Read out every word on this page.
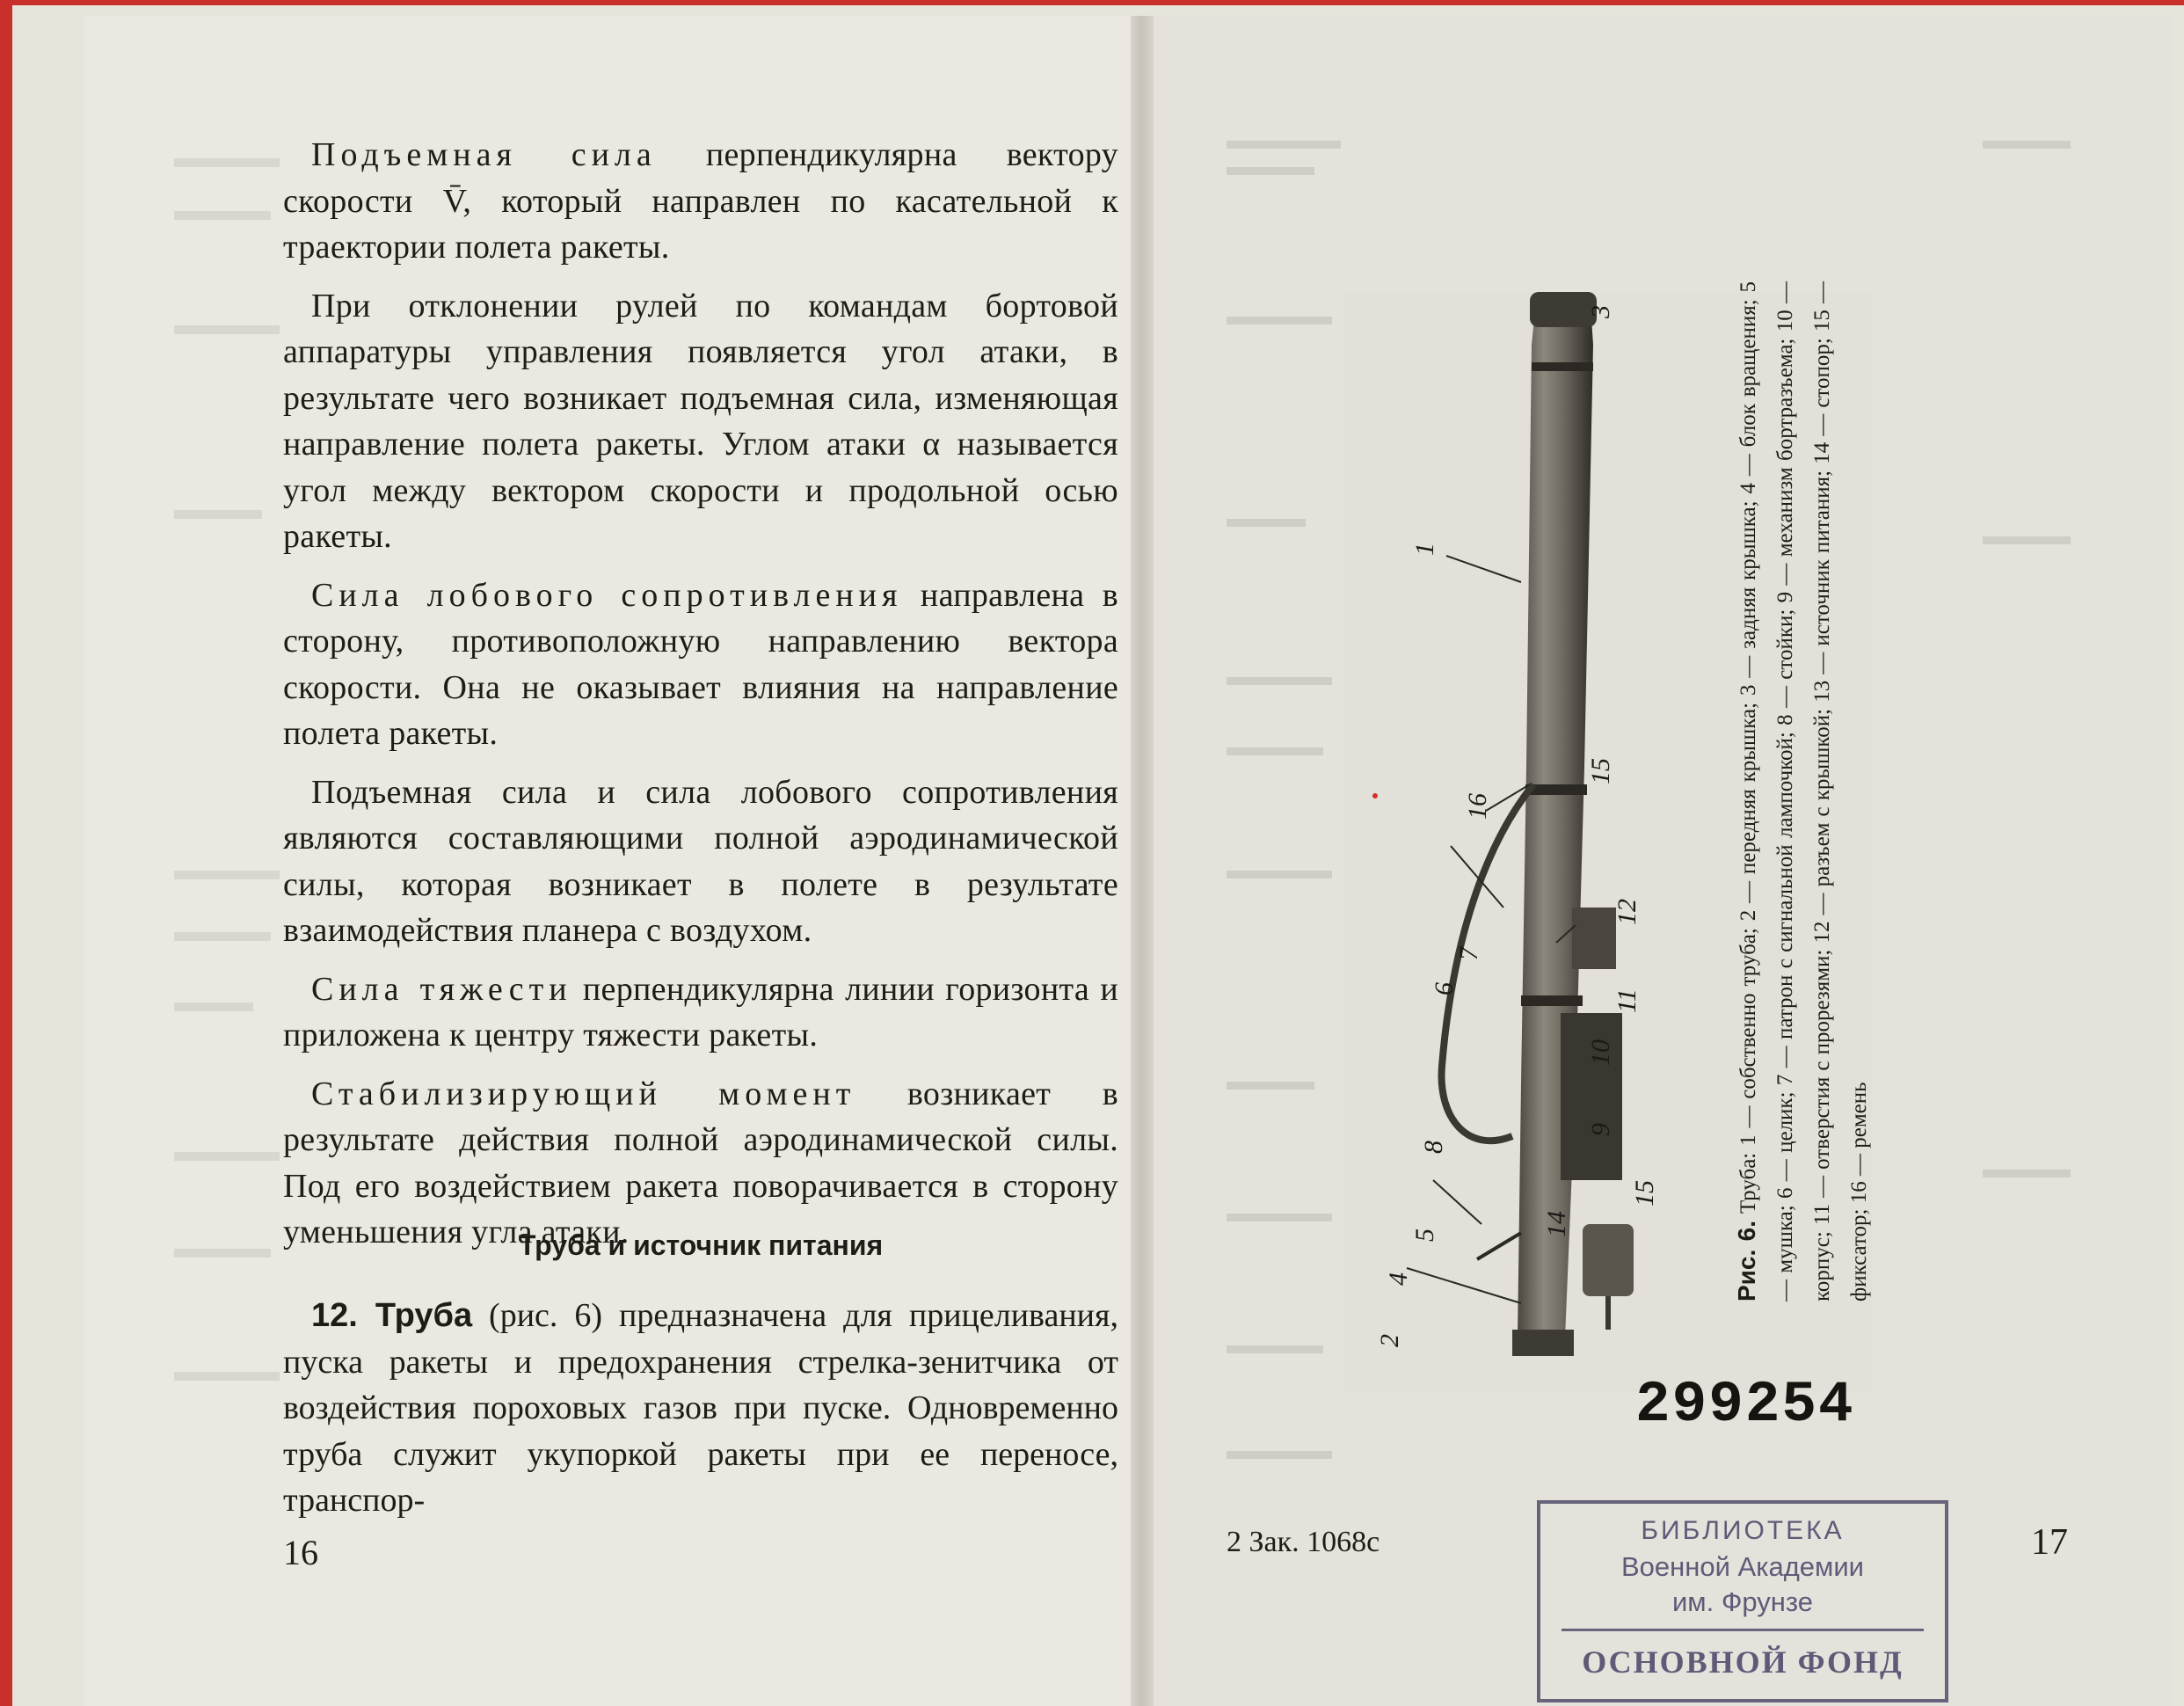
Подъемная сила перпендикулярна вектору скорости V̄, который направлен по касательной к траектории полета ракеты.

При отклонении рулей по командам бортовой аппаратуры управления появляется угол атаки, в результате чего возникает подъемная сила, изменяющая направление полета ракеты. Углом атаки α называется угол между вектором скорости и продольной осью ракеты.

Сила лобового сопротивления направлена в сторону, противоположную направлению вектора скорости. Она не оказывает влияния на направление полета ракеты.

Подъемная сила и сила лобового сопротивления являются составляющими полной аэродинамической силы, которая возникает в полете в результате взаимодействия планера с воздухом.

Сила тяжести перпендикулярна линии горизонта и приложена к центру тяжести ракеты.

Стабилизирующий момент возникает в результате действия полной аэродинамической силы. Под его воздействием ракета поворачивается в сторону уменьшения угла атаки.

Труба и источник питания
12. Труба (рис. 6) предназначена для прицеливания, пуска ракеты и предохранения стрелка-зенитчика от воздействия пороховых газов при пуске. Одновременно труба служит укупоркой ракеты при ее переносе, транспор-
16
3
1
15
16
12
6
7
11
10
9
8
15
14
5
4
2
Рис. 6. Труба: 1 — собственно труба; 2 — передняя крышка; 3 — задняя крышка; 4 — блок вращения; 5 — мушка; 6 — целик; 7 — патрон с сигнальной лампочкой; 8 — стойки; 9 — механизм бортразъема; 10 — корпус; 11 — отверстия с прорезями; 12 — разъем с крышкой; 13 — источник питания; 14 — стопор; 15 — фиксатор; 16 — ремень
299254
2 Зак. 1068с	БИБЛИОТЕКА
Военной Академии
им. Фрунзе
ОСНОВНОЙ ФОНД
17
